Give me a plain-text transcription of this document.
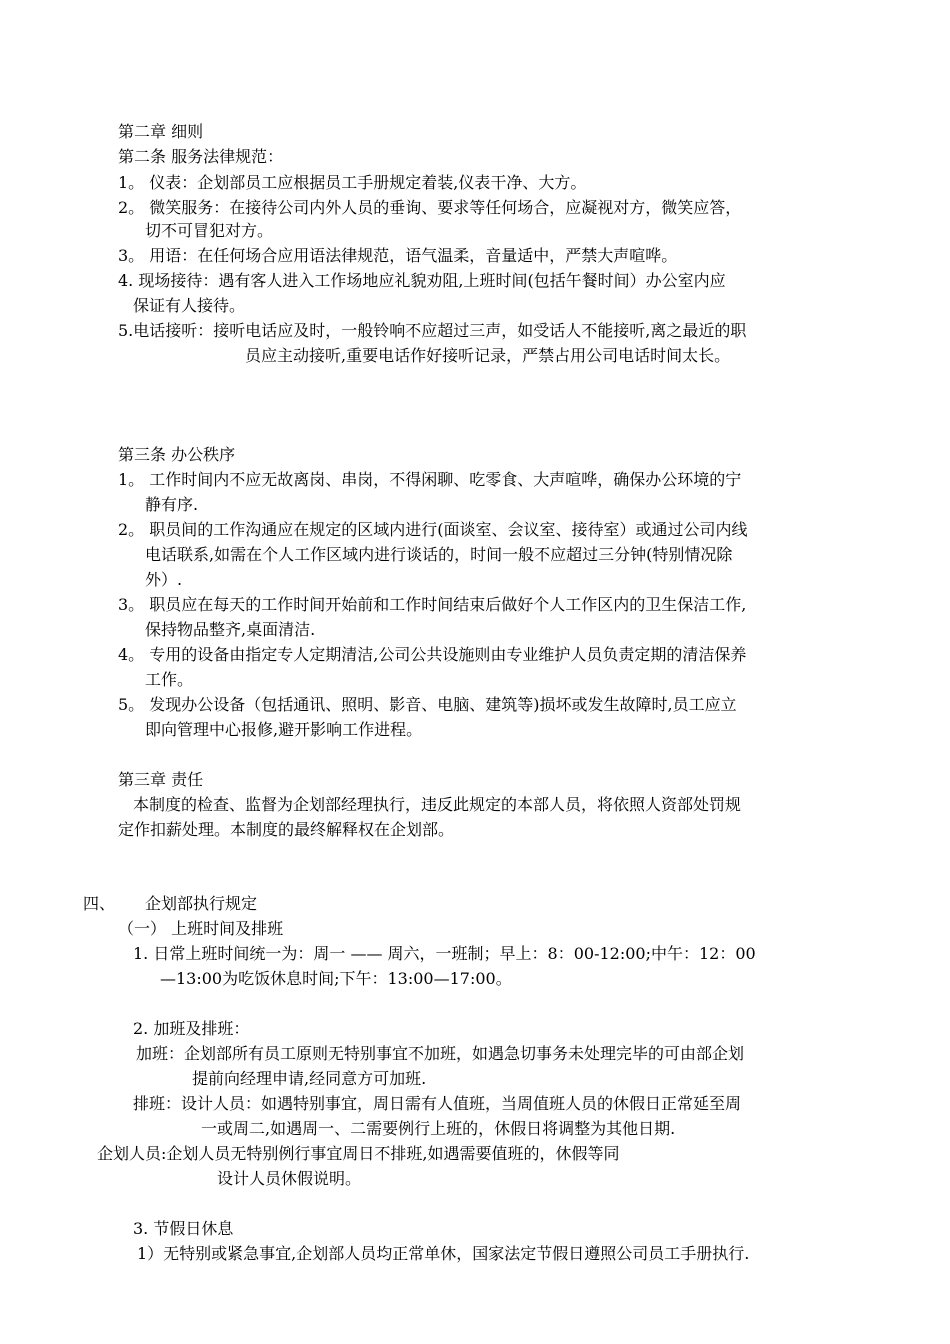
第二章 细则
第二条 服务法律规范：
1。 仪表：企划部员工应根据员工手册规定着装,仪表干净、大方。
2。 微笑服务：在接待公司内外人员的垂询、要求等任何场合，应凝视对方，微笑应答，
切不可冒犯对方。
3。 用语：在任何场合应用语法律规范，语气温柔，音量适中，严禁大声喧哗。
4. 现场接待：遇有客人进入工作场地应礼貌劝阻,上班时间(包括午餐时间）办公室内应
保证有人接待。
5.电话接听：接听电话应及时，一般铃响不应超过三声，如受话人不能接听,离之最近的职
员应主动接听,重要电话作好接听记录，严禁占用公司电话时间太长。
第三条 办公秩序
1。 工作时间内不应无故离岗、串岗，不得闲聊、吃零食、大声喧哗，确保办公环境的宁
静有序.
2。 职员间的工作沟通应在规定的区域内进行(面谈室、会议室、接待室）或通过公司内线
电话联系,如需在个人工作区域内进行谈话的，时间一般不应超过三分钟(特别情况除
外）.
3。 职员应在每天的工作时间开始前和工作时间结束后做好个人工作区内的卫生保洁工作,
保持物品整齐,桌面清洁.
4。 专用的设备由指定专人定期清洁,公司公共设施则由专业维护人员负责定期的清洁保养
工作。
5。 发现办公设备（包括通讯、照明、影音、电脑、建筑等)损坏或发生故障时,员工应立
即向管理中心报修,避开影响工作进程。
第三章 责任
本制度的检查、监督为企划部经理执行，违反此规定的本部人员，将依照人资部处罚规
定作扣薪处理。本制度的最终解释权在企划部。
四、 企划部执行规定
（一） 上班时间及排班
1. 日常上班时间统一为：周一 —— 周六，一班制；早上：8：00-12:00;中午：12：00
—13:00为吃饭休息时间;下午：13:00—17:00。
2. 加班及排班：
加班：企划部所有员工原则无特别事宜不加班，如遇急切事务未处理完毕的可由部企划
提前向经理申请,经同意方可加班.
排班：设计人员：如遇特别事宜，周日需有人值班，当周值班人员的休假日正常延至周
一或周二,如遇周一、二需要例行上班的，休假日将调整为其他日期.
企划人员:企划人员无特别例行事宜周日不排班,如遇需要值班的，休假等同
设计人员休假说明。
3. 节假日休息
1）无特别或紧急事宜,企划部人员均正常单休，国家法定节假日遵照公司员工手册执行.
